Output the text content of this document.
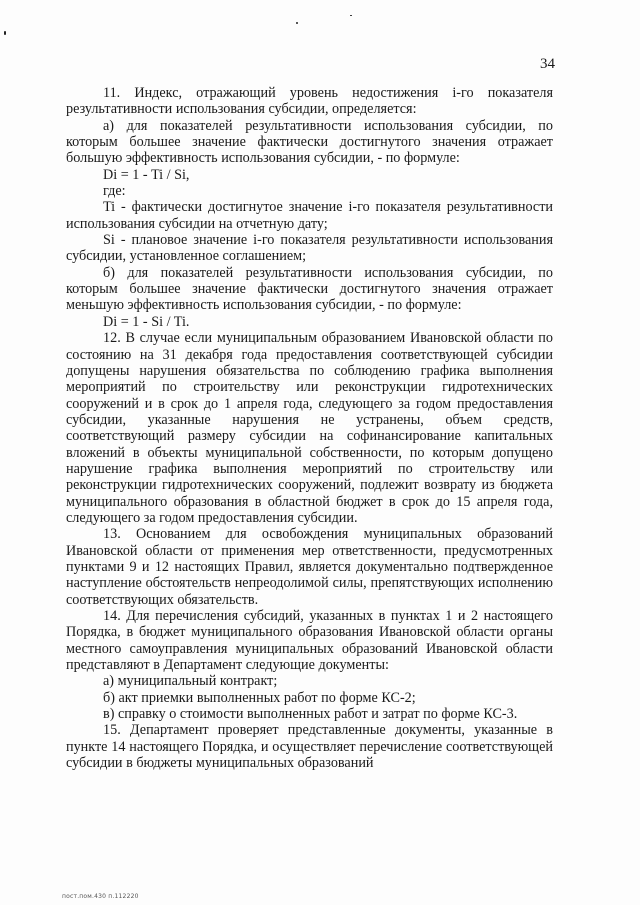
34

11. Индекс, отражающий уровень недостижения i-го показателя результативности использования субсидии, определяется:

а) для показателей результативности использования субсидии, по которым большее значение фактически достигнутого значения отражает большую эффективность использования субсидии, - по формуле:

Di = 1 - Ti / Si,

где:

Ti - фактически достигнутое значение i-го показателя результативности использования субсидии на отчетную дату;

Si - плановое значение i-го показателя результативности использования субсидии, установленное соглашением;

б) для показателей результативности использования субсидии, по которым большее значение фактически достигнутого значения отражает меньшую эффективность использования субсидии, - по формуле:

Di = 1 - Si / Ti.

12. В случае если муниципальным образованием Ивановской области по состоянию на 31 декабря года предоставления соответствующей субсидии допущены нарушения обязательства по соблюдению графика выполнения мероприятий по строительству или реконструкции гидротехнических сооружений и в срок до 1 апреля года, следующего за годом предоставления субсидии, указанные нарушения не устранены, объем средств, соответствующий размеру субсидии на софинансирование капитальных вложений в объекты муниципальной собственности, по которым допущено нарушение графика выполнения мероприятий по строительству или реконструкции гидротехнических сооружений, подлежит возврату из бюджета муниципального образования в областной бюджет в срок до 15 апреля года, следующего за годом предоставления субсидии.

13. Основанием для освобождения муниципальных образований Ивановской области от применения мер ответственности, предусмотренных пунктами 9 и 12 настоящих Правил, является документально подтвержденное наступление обстоятельств непреодолимой силы, препятствующих исполнению соответствующих обязательств.

14. Для перечисления субсидий, указанных в пунктах 1 и 2 настоящего Порядка, в бюджет муниципального образования Ивановской области органы местного самоуправления муниципальных образований Ивановской области представляют в Департамент следующие документы:

а) муниципальный контракт;

б) акт приемки выполненных работ по форме КС-2;

в) справку о стоимости выполненных работ и затрат по форме КС-3.

15. Департамент проверяет представленные документы, указанные в пункте 14 настоящего Порядка, и осуществляет перечисление соответствующей субсидии в бюджеты муниципальных образований

пост.пом.430 п.112220
